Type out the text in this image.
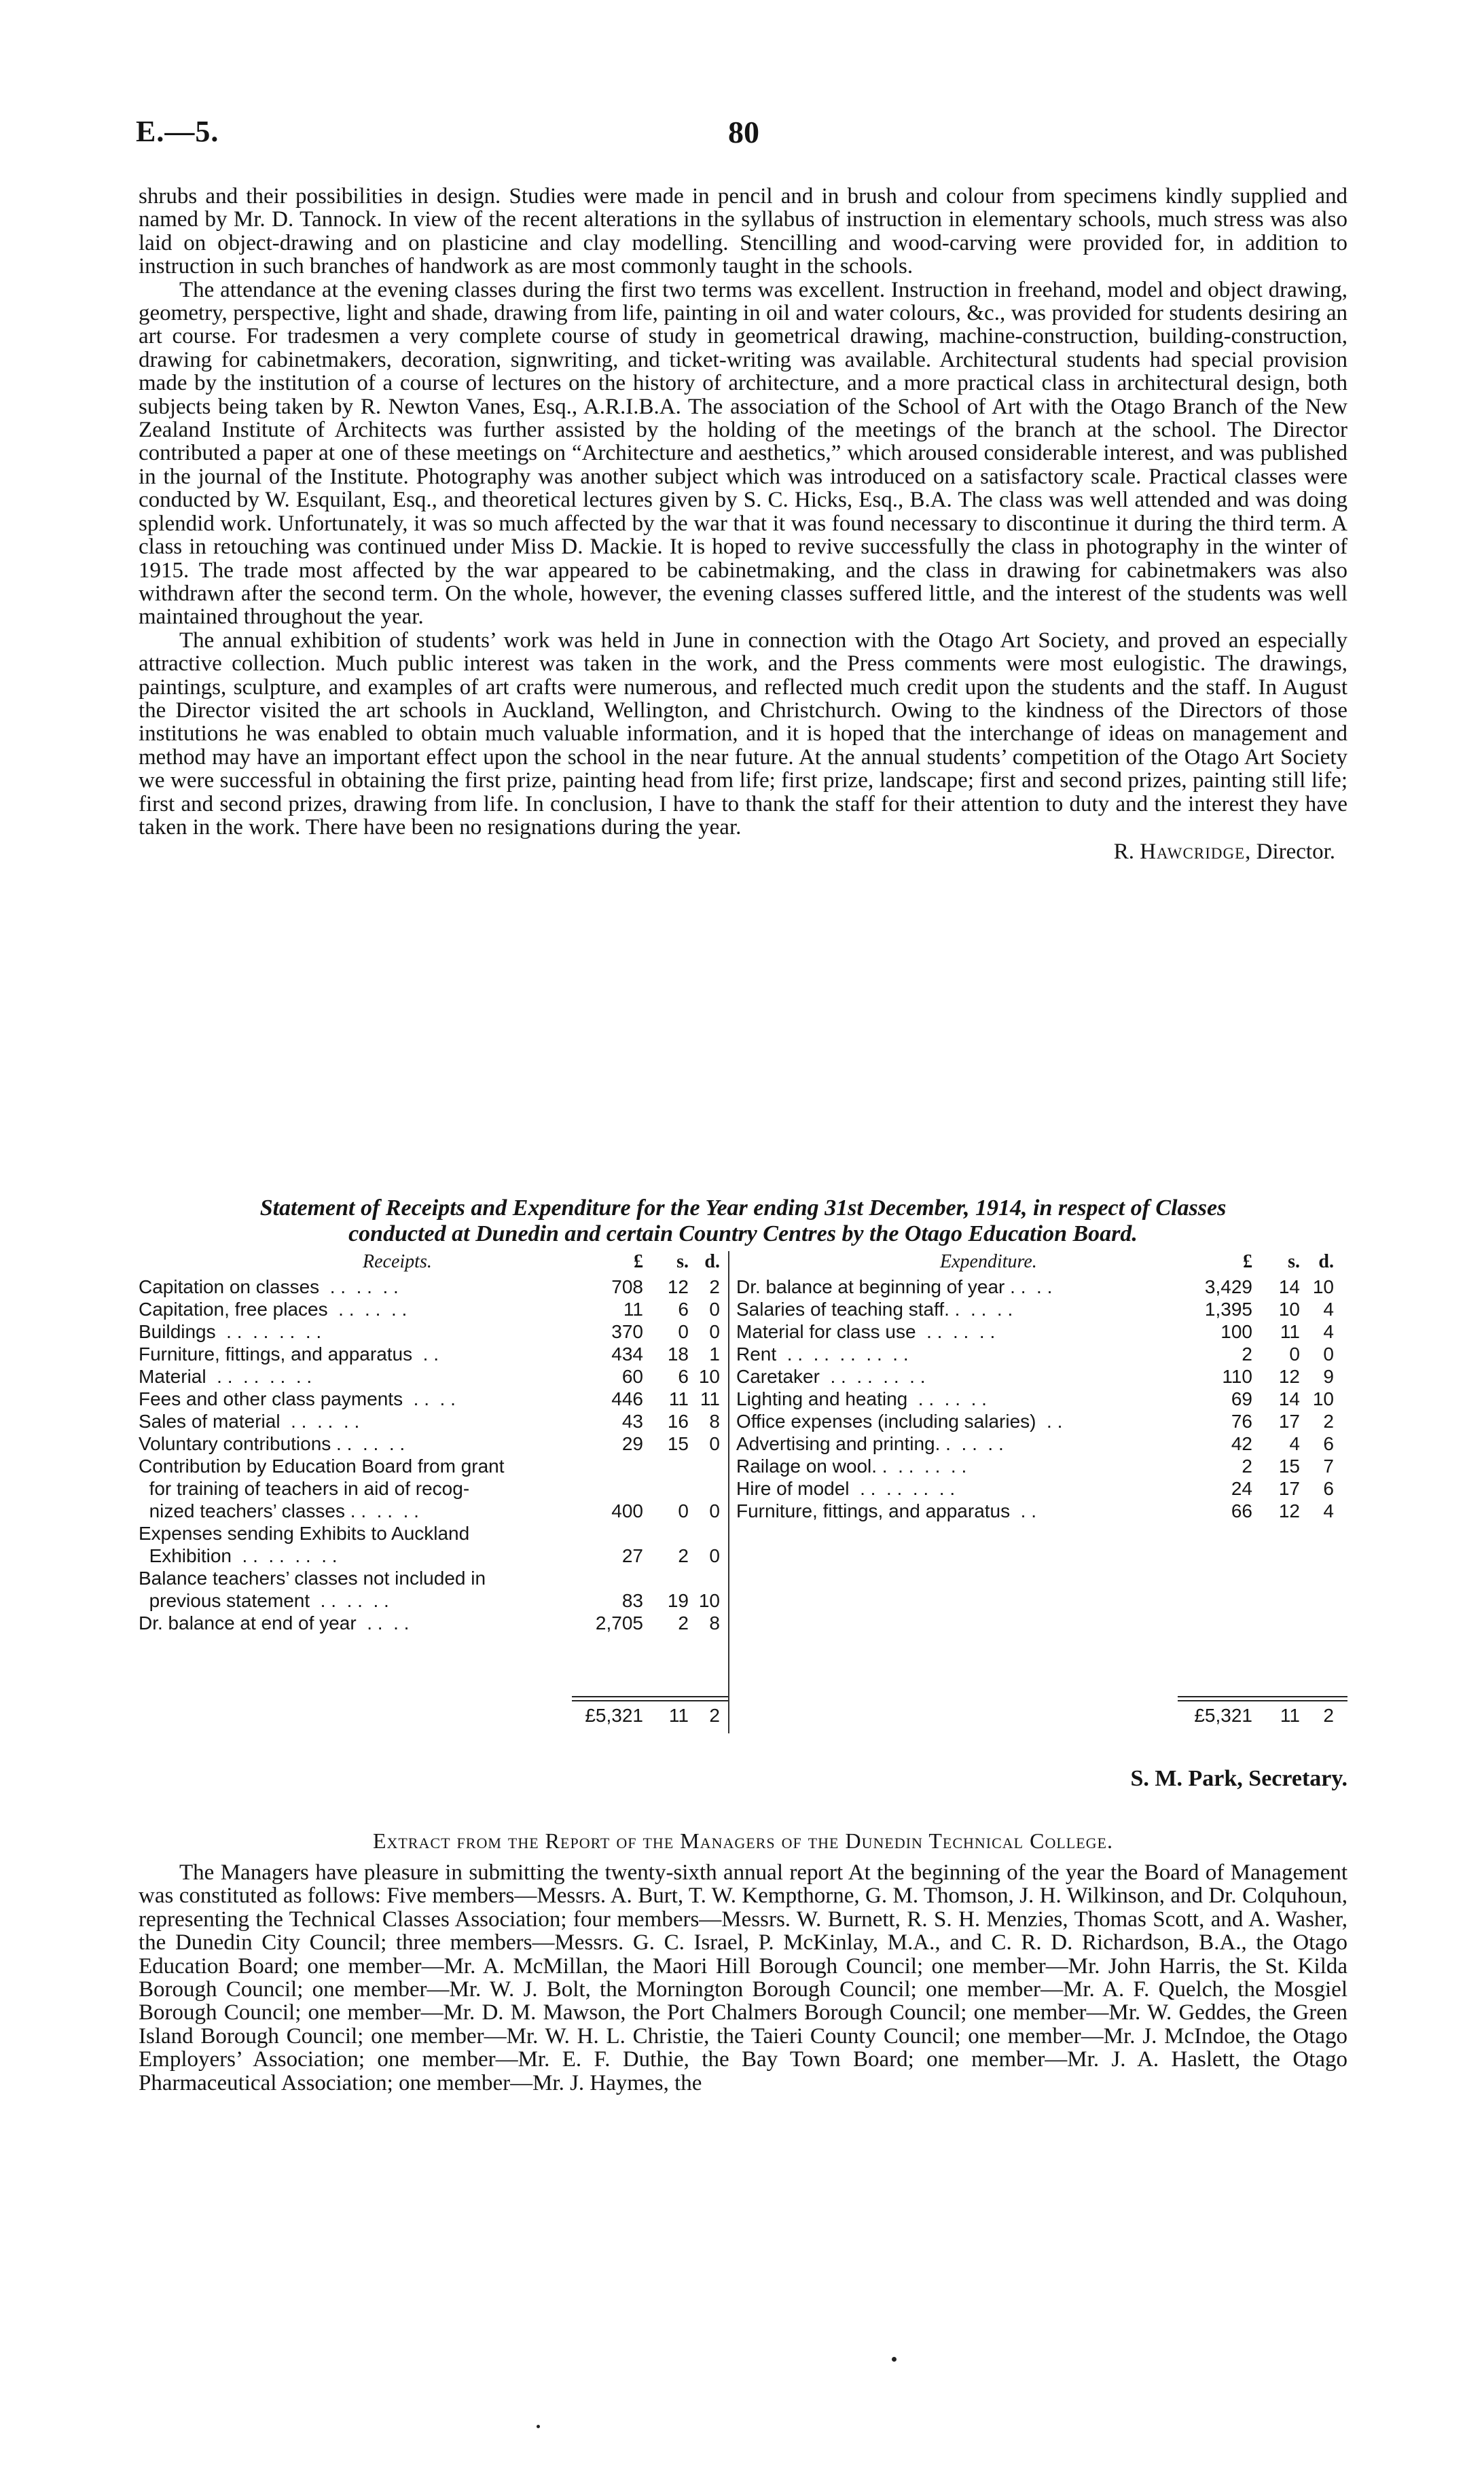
E.—5.	80

shrubs and their possibilities in design. Studies were made in pencil and in brush and colour from specimens kindly supplied and named by Mr. D. Tannock. In view of the recent alterations in the syllabus of instruction in elementary schools, much stress was also laid on object-drawing and on plasticine and clay modelling. Stencilling and wood-carving were provided for, in addition to instruction in such branches of handwork as are most commonly taught in the schools.

The attendance at the evening classes during the first two terms was excellent. Instruction in freehand, model and object drawing, geometry, perspective, light and shade, drawing from life, painting in oil and water colours, &c., was provided for students desiring an art course. For tradesmen a very complete course of study in geometrical drawing, machine-construction, building-construction, drawing for cabinetmakers, decoration, signwriting, and ticket-writing was available. Architectural students had special provision made by the institution of a course of lectures on the history of architecture, and a more practical class in architectural design, both subjects being taken by R. Newton Vanes, Esq., A.R.I.B.A. The association of the School of Art with the Otago Branch of the New Zealand Institute of Architects was further assisted by the holding of the meetings of the branch at the school. The Director contributed a paper at one of these meetings on “Architecture and aesthetics,” which aroused considerable interest, and was published in the journal of the Institute. Photography was another subject which was introduced on a satisfactory scale. Practical classes were conducted by W. Esquilant, Esq., and theoretical lectures given by S. C. Hicks, Esq., B.A. The class was well attended and was doing splendid work. Unfortunately, it was so much affected by the war that it was found necessary to discontinue it during the third term. A class in retouching was continued under Miss D. Mackie. It is hoped to revive successfully the class in photography in the winter of 1915. The trade most affected by the war appeared to be cabinetmaking, and the class in drawing for cabinetmakers was also withdrawn after the second term. On the whole, however, the evening classes suffered little, and the interest of the students was well maintained throughout the year.

The annual exhibition of students’ work was held in June in connection with the Otago Art Society, and proved an especially attractive collection. Much public interest was taken in the work, and the Press comments were most eulogistic. The drawings, paintings, sculpture, and examples of art crafts were numerous, and reflected much credit upon the students and the staff. In August the Director visited the art schools in Auckland, Wellington, and Christchurch. Owing to the kindness of the Directors of those institutions he was enabled to obtain much valuable information, and it is hoped that the interchange of ideas on management and method may have an important effect upon the school in the near future. At the annual students’ competition of the Otago Art Society we were successful in obtaining the first prize, painting head from life; first prize, landscape; first and second prizes, painting still life; first and second prizes, drawing from life. In conclusion, I have to thank the staff for their attention to duty and the interest they have taken in the work. There have been no resignations during the year.

R. Hawcridge, Director.
Statement of Receipts and Expenditure for the Year ending 31st December, 1914, in respect of Classes
conducted at Dunedin and certain Country Centres by the Otago Education Board.
Receipts.	£ s. d.
Capitation on classes  . .  . .  . .	708 12 2
Capitation, free places  . .  . .  . .	11 6 0
Buildings  . .  . .  . .  . .	370 0 0
Furniture, fittings, and apparatus  . .	434 18 1
Material  . .  . .  . .  . .	60 6 10
Fees and other class payments  . .  . .	446 11 11
Sales of material  . .  . .  . .	43 16 8
Voluntary contributions . .  . .  . .	29 15 0
Contribution by Education Board from grant
for training of teachers in aid of recog-
nized teachers’ classes . .  . .  . .	400 0 0
Expenses sending Exhibits to Auckland
Exhibition  . .  . .  . .  . .	27 2 0
Balance teachers’ classes not included in
previous statement  . .  . .  . .	83 19 10
Dr. balance at end of year  . .  . .	2,705 2 8
£5,321 11 2
Expenditure.	£ s. d.
Dr. balance at beginning of year . .  . .	3,429 14 10
Salaries of teaching staff. .  . .  . .	1,395 10 4
Material for class use  . .  . .  . .	100 11 4
Rent  . .  . .  . .  . .  . .	2 0 0
Caretaker  . .  . .  . .  . .	110 12 9
Lighting and heating  . .  . .  . .	69 14 10
Office expenses (including salaries)  . .	76 17 2
Advertising and printing. .  . .  . .	42 4 6
Railage on wool. .  . .  . .  . .	2 15 7
Hire of model  . .  . .  . .  . .	24 17 6
Furniture, fittings, and apparatus  . .	66 12 4
£5,321 11 2
S. M. Park, Secretary.
Extract from the Report of the Managers of the Dunedin Technical College.

The Managers have pleasure in submitting the twenty-sixth annual report At the beginning of the year the Board of Management was constituted as follows: Five members—Messrs. A. Burt, T. W. Kempthorne, G. M. Thomson, J. H. Wilkinson, and Dr. Colquhoun, representing the Technical Classes Association; four members—Messrs. W. Burnett, R. S. H. Menzies, Thomas Scott, and A. Washer, the Dunedin City Council; three members—Messrs. G. C. Israel, P. McKinlay, M.A., and C. R. D. Richardson, B.A., the Otago Education Board; one member—Mr. A. McMillan, the Maori Hill Borough Council; one member—Mr. John Harris, the St. Kilda Borough Council; one member—Mr. W. J. Bolt, the Mornington Borough Council; one member—Mr. A. F. Quelch, the Mosgiel Borough Council; one member—Mr. D. M. Mawson, the Port Chalmers Borough Council; one member—Mr. W. Geddes, the Green Island Borough Council; one member—Mr. W. H. L. Christie, the Taieri County Council; one member—Mr. J. McIndoe, the Otago Employers’ Association; one member—Mr. E. F. Duthie, the Bay Town Board; one member—Mr. J. A. Haslett, the Otago Pharmaceutical Association; one member—Mr. J. Haymes, the
